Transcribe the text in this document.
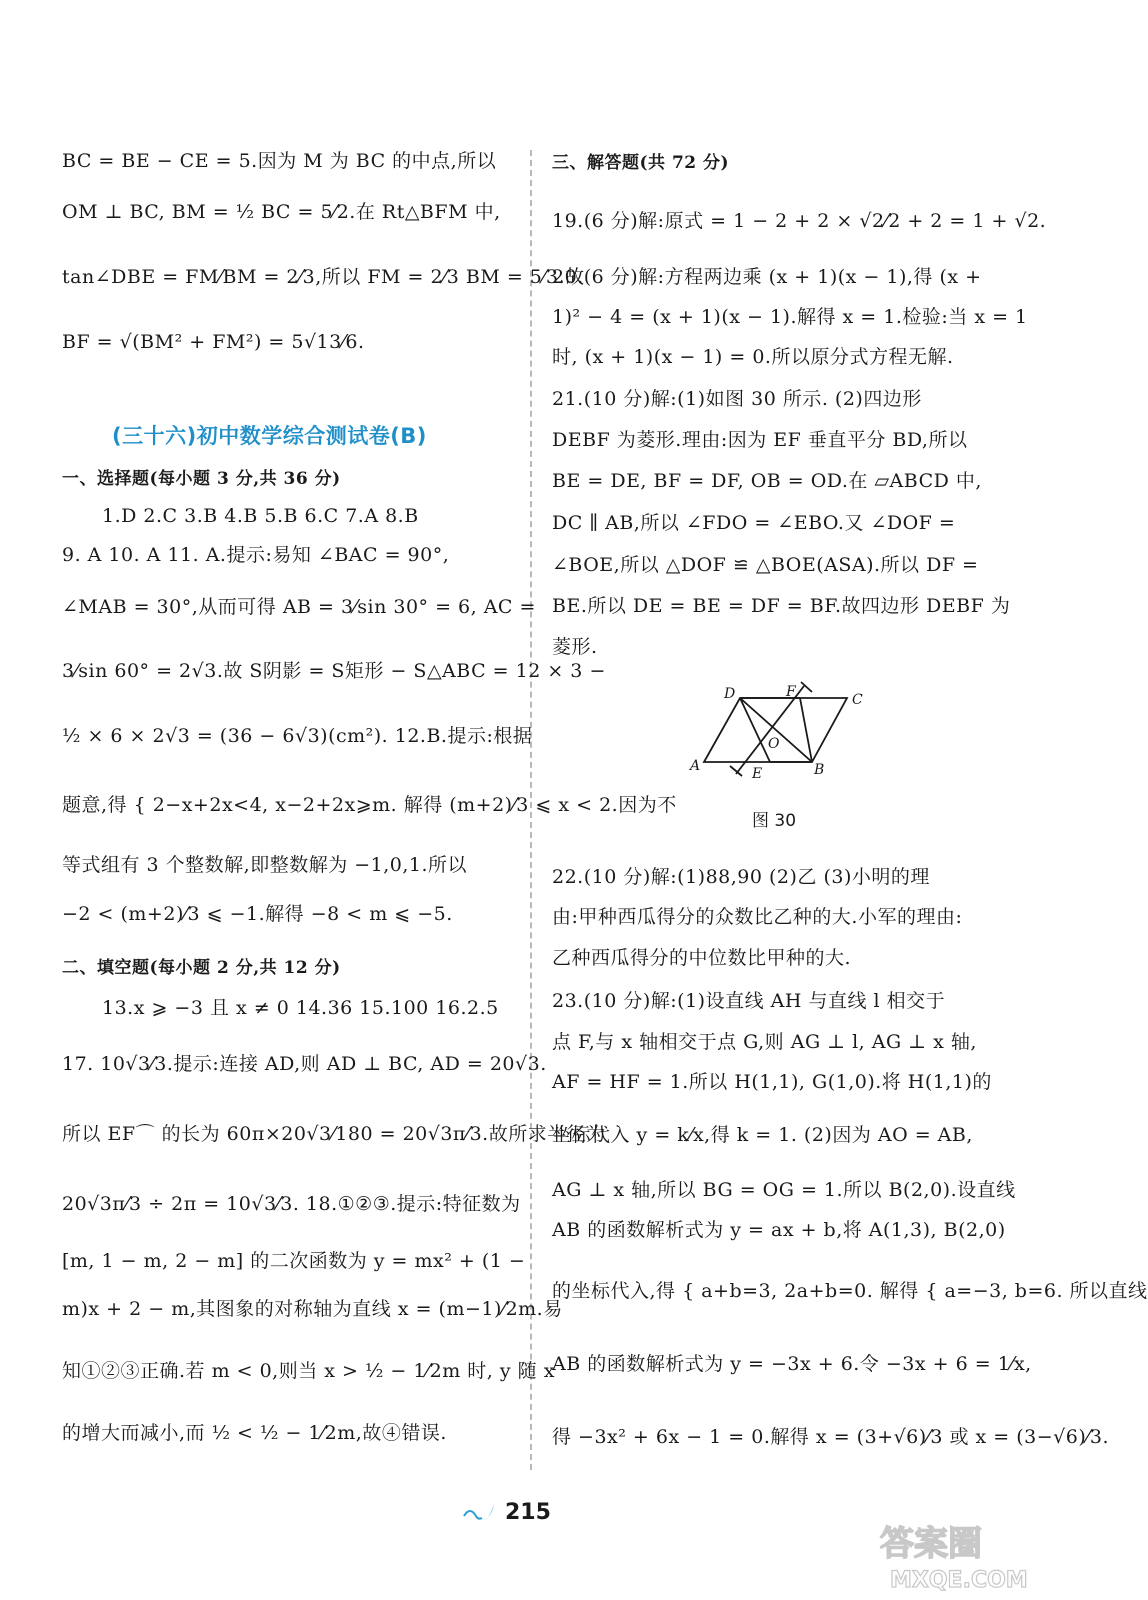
BC = BE − CE = 5.因为 M 为 BC 的中点,所以
OM ⊥ BC, BM = ½ BC = 5⁄2.在 Rt△BFM 中,
tan∠DBE = FM⁄BM = 2⁄3,所以 FM = 2⁄3 BM = 5⁄3.故
BF = √(BM² + FM²) = 5√13⁄6.
(三十六)初中数学综合测试卷(B)
一、选择题(每小题 3 分,共 36 分)
1.D 2.C 3.B 4.B 5.B 6.C 7.A 8.B
9. A 10. A 11. A.提示:易知 ∠BAC = 90°,
∠MAB = 30°,从而可得 AB = 3⁄sin 30° = 6, AC =
3⁄sin 60° = 2√3.故 S阴影 = S矩形 − S△ABC = 12 × 3 −
½ × 6 × 2√3 = (36 − 6√3)(cm²). 12.B.提示:根据
题意,得 { 2−x+2x<4, x−2+2x⩾m. 解得 (m+2)⁄3 ⩽ x < 2.因为不
等式组有 3 个整数解,即整数解为 −1,0,1.所以
−2 < (m+2)⁄3 ⩽ −1.解得 −8 < m ⩽ −5.
二、填空题(每小题 2 分,共 12 分)
13.x ⩾ −3 且 x ≠ 0 14.36 15.100 16.2.5
17. 10√3⁄3.提示:连接 AD,则 AD ⊥ BC, AD = 20√3.
所以 EF⌒ 的长为 60π×20√3⁄180 = 20√3π⁄3.故所求半径为
20√3π⁄3 ÷ 2π = 10√3⁄3. 18.①②③.提示:特征数为
[m, 1 − m, 2 − m] 的二次函数为 y = mx² + (1 −
m)x + 2 − m,其图象的对称轴为直线 x = (m−1)⁄2m.易
知①②③正确.若 m < 0,则当 x > ½ − 1⁄2m 时, y 随 x
的增大而减小,而 ½ < ½ − 1⁄2m,故④错误.
三、解答题(共 72 分)
19.(6 分)解:原式 = 1 − 2 + 2 × √2⁄2 + 2 = 1 + √2.
20.(6 分)解:方程两边乘 (x + 1)(x − 1),得 (x +
1)² − 4 = (x + 1)(x − 1).解得 x = 1.检验:当 x = 1
时, (x + 1)(x − 1) = 0.所以原分式方程无解.
21.(10 分)解:(1)如图 30 所示. (2)四边形
DEBF 为菱形.理由:因为 EF 垂直平分 BD,所以
BE = DE, BF = DF, OB = OD.在 ▱ABCD 中,
DC ∥ AB,所以 ∠FDO = ∠EBO.又 ∠DOF =
∠BOE,所以 △DOF ≌ △BOE(ASA).所以 DF =
BE.所以 DE = BE = DF = BF.故四边形 DEBF 为
菱形.
22.(10 分)解:(1)88,90 (2)乙 (3)小明的理
由:甲种西瓜得分的众数比乙种的大.小军的理由:
乙种西瓜得分的中位数比甲种的大.
23.(10 分)解:(1)设直线 AH 与直线 l 相交于
点 F,与 x 轴相交于点 G,则 AG ⊥ l, AG ⊥ x 轴,
AF = HF = 1.所以 H(1,1), G(1,0).将 H(1,1)的
坐标代入 y = k⁄x,得 k = 1. (2)因为 AO = AB,
AG ⊥ x 轴,所以 BG = OG = 1.所以 B(2,0).设直线
AB 的函数解析式为 y = ax + b,将 A(1,3), B(2,0)
的坐标代入,得 { a+b=3, 2a+b=0. 解得 { a=−3, b=6. 所以直线
AB 的函数解析式为 y = −3x + 6.令 −3x + 6 = 1⁄x,
得 −3x² + 6x − 1 = 0.解得 x = (3+√6)⁄3 或 x = (3−√6)⁄3.
A	B
C
D
E
F
O
图 30
215
答案圈
MXQE.COM
